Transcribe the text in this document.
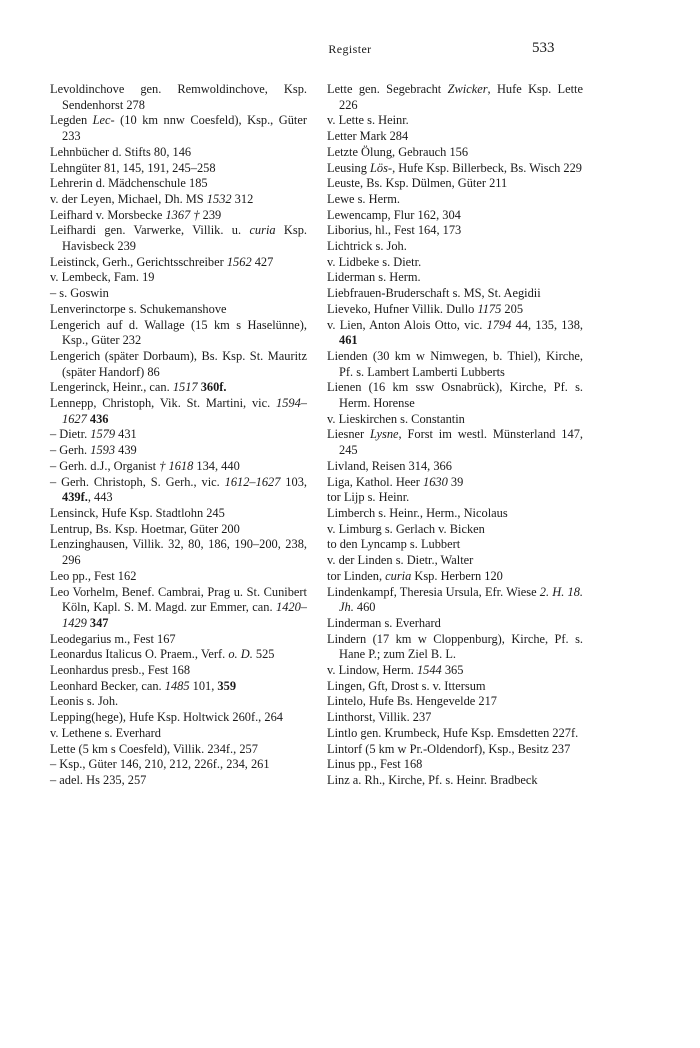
Register	533
Levoldinchove gen. Remwoldinchove, Ksp. Sendenhorst 278
Legden Lec- (10 km nnw Coesfeld), Ksp., Güter 233
Lehnbücher d. Stifts 80, 146
Lehngüter 81, 145, 191, 245–258
Lehrerin d. Mädchenschule 185
v. der Leyen, Michael, Dh. MS 1532 312
Leifhard v. Morsbecke 1367 † 239
Leifhardi gen. Varwerke, Villik. u. curia Ksp. Havisbeck 239
Leistinck, Gerh., Gerichtsschreiber 1562 427
v. Lembeck, Fam. 19
– s. Goswin
Lenverinctorpe s. Schukemanshove
Lengerich auf d. Wallage (15 km s Haselünne), Ksp., Güter 232
Lengerich (später Dorbaum), Bs. Ksp. St. Mauritz (später Handorf) 86
Lengerinck, Heinr., can. 1517 360f.
Lennepp, Christoph, Vik. St. Martini, vic. 1594–1627 436
– Dietr. 1579 431
– Gerh. 1593 439
– Gerh. d.J., Organist † 1618 134, 440
– Gerh. Christoph, S. Gerh., vic. 1612–1627 103, 439f., 443
Lensinck, Hufe Ksp. Stadtlohn 245
Lentrup, Bs. Ksp. Hoetmar, Güter 200
Lenzinghausen, Villik. 32, 80, 186, 190–200, 238, 296
Leo pp., Fest 162
Leo Vorhelm, Benef. Cambrai, Prag u. St. Cunibert Köln, Kapl. S. M. Magd. zur Emmer, can. 1420–1429 347
Leodegarius m., Fest 167
Leonardus Italicus O. Praem., Verf. o. D. 525
Leonhardus presb., Fest 168
Leonhard Becker, can. 1485 101, 359
Leonis s. Joh.
Lepping(hege), Hufe Ksp. Holtwick 260f., 264
v. Lethene s. Everhard
Lette (5 km s Coesfeld), Villik. 234f., 257
– Ksp., Güter 146, 210, 212, 226f., 234, 261
– adel. Hs 235, 257
Lette gen. Segebracht Zwicker, Hufe Ksp. Lette 226
v. Lette s. Heinr.
Letter Mark 284
Letzte Ölung, Gebrauch 156
Leusing Lös-, Hufe Ksp. Billerbeck, Bs. Wisch 229
Leuste, Bs. Ksp. Dülmen, Güter 211
Lewe s. Herm.
Lewencamp, Flur 162, 304
Liborius, hl., Fest 164, 173
Lichtrick s. Joh.
v. Lidbeke s. Dietr.
Liderman s. Herm.
Liebfrauen-Bruderschaft s. MS, St. Aegidii
Lieveko, Hufner Villik. Dullo 1175 205
v. Lien, Anton Alois Otto, vic. 1794 44, 135, 138, 461
Lienden (30 km w Nimwegen, b. Thiel), Kirche, Pf. s. Lambert Lamberti Lubberts
Lienen (16 km ssw Osnabrück), Kirche, Pf. s. Herm. Horense
v. Lieskirchen s. Constantin
Liesner Lysne, Forst im westl. Münsterland 147, 245
Livland, Reisen 314, 366
Liga, Kathol. Heer 1630 39
tor Lijp s. Heinr.
Limberch s. Heinr., Herm., Nicolaus
v. Limburg s. Gerlach v. Bicken
to den Lyncamp s. Lubbert
v. der Linden s. Dietr., Walter
tor Linden, curia Ksp. Herbern 120
Lindenkampf, Theresia Ursula, Efr. Wiese 2. H. 18. Jh. 460
Linderman s. Everhard
Lindern (17 km w Cloppenburg), Kirche, Pf. s. Hane P.; zum Ziel B. L.
v. Lindow, Herm. 1544 365
Lingen, Gft, Drost s. v. Ittersum
Lintelo, Hufe Bs. Hengevelde 217
Linthorst, Villik. 237
Lintlo gen. Krumbeck, Hufe Ksp. Emsdetten 227f.
Lintorf (5 km w Pr.-Oldendorf), Ksp., Besitz 237
Linus pp., Fest 168
Linz a. Rh., Kirche, Pf. s. Heinr. Bradbeck
